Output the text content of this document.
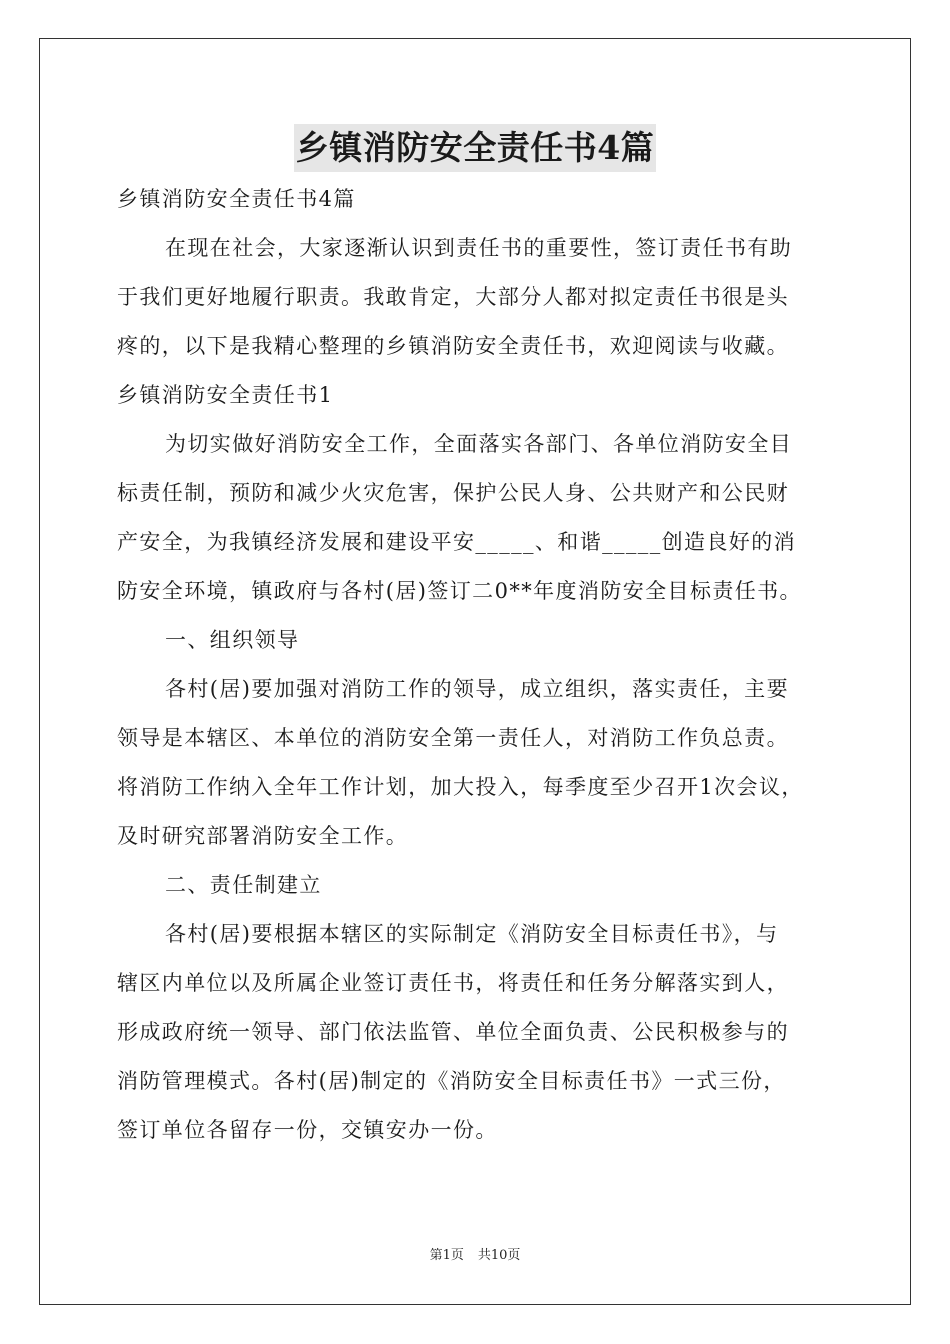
乡镇消防安全责任书4篇
乡镇消防安全责任书4篇
在现在社会，大家逐渐认识到责任书的重要性，签订责任书有助
于我们更好地履行职责。我敢肯定，大部分人都对拟定责任书很是头
疼的，以下是我精心整理的乡镇消防安全责任书，欢迎阅读与收藏。
乡镇消防安全责任书1
为切实做好消防安全工作，全面落实各部门、各单位消防安全目
标责任制，预防和减少火灾危害，保护公民人身、公共财产和公民财
产安全，为我镇经济发展和建设平安_____、和谐_____创造良好的消
防安全环境，镇政府与各村(居)签订二0**年度消防安全目标责任书。
一、组织领导
各村(居)要加强对消防工作的领导，成立组织，落实责任，主要
领导是本辖区、本单位的消防安全第一责任人，对消防工作负总责。
将消防工作纳入全年工作计划，加大投入，每季度至少召开1次会议，
及时研究部署消防安全工作。
二、责任制建立
各村(居)要根据本辖区的实际制定《消防安全目标责任书》，与
辖区内单位以及所属企业签订责任书，将责任和任务分解落实到人，
形成政府统一领导、部门依法监管、单位全面负责、公民积极参与的
消防管理模式。各村(居)制定的《消防安全目标责任书》一式三份，
签订单位各留存一份，交镇安办一份。
第1页 共10页
